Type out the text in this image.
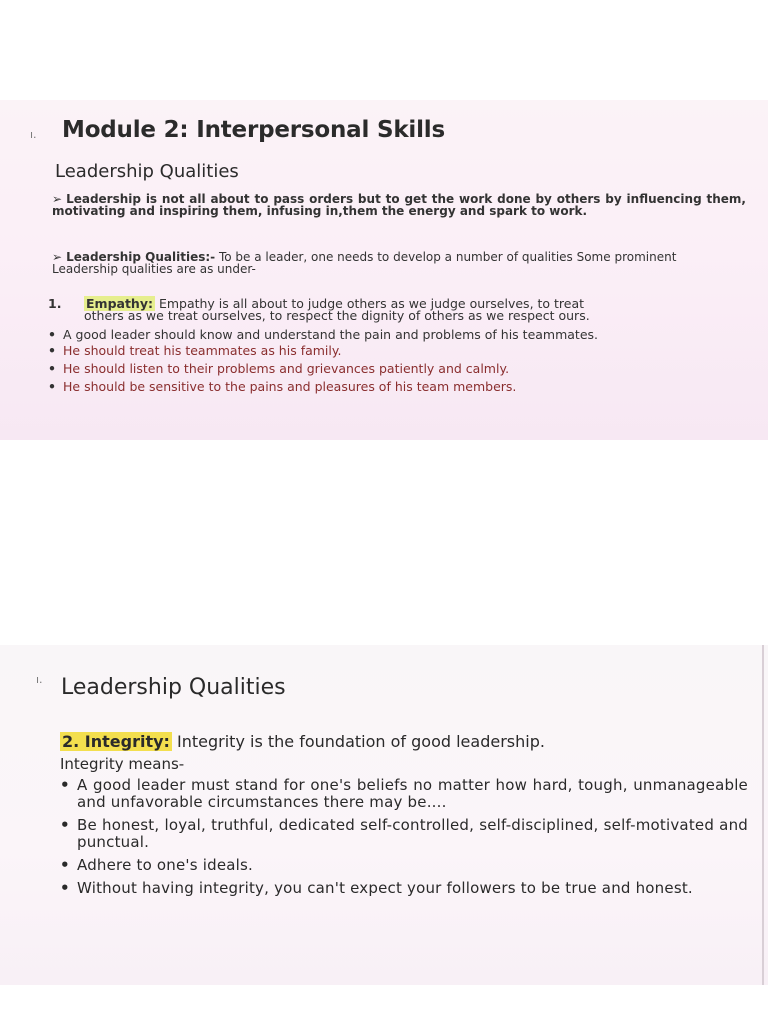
ı. Module 2: Interpersonal Skills
Leadership Qualities
➢ Leadership is not all about to pass orders but to get the work done by others by influencing them, motivating and inspiring them, infusing in,them the energy and spark to work.
➢ Leadership Qualities:- To be a leader, one needs to develop a number of qualities Some prominent Leadership qualities are as under-
1. Empathy: Empathy is all about to judge others as we judge ourselves, to treat
others as we treat ourselves, to respect the dignity of others as we respect ours.
• A good leader should know and understand the pain and problems of his teammates.
• He should treat his teammates as his family.
• He should listen to their problems and grievances patiently and calmly.
• He should be sensitive to the pains and pleasures of his team members.
ı. Leadership Qualities
2. Integrity: Integrity is the foundation of good leadership.
Integrity means-
• A good leader must stand for one's beliefs no matter how hard, tough, unmanageable and unfavorable circumstances there may be....
• Be honest, loyal, truthful, dedicated self-controlled, self-disciplined, self-motivated and punctual.
• Adhere to one's ideals.
• Without having integrity, you can't expect your followers to be true and honest.
